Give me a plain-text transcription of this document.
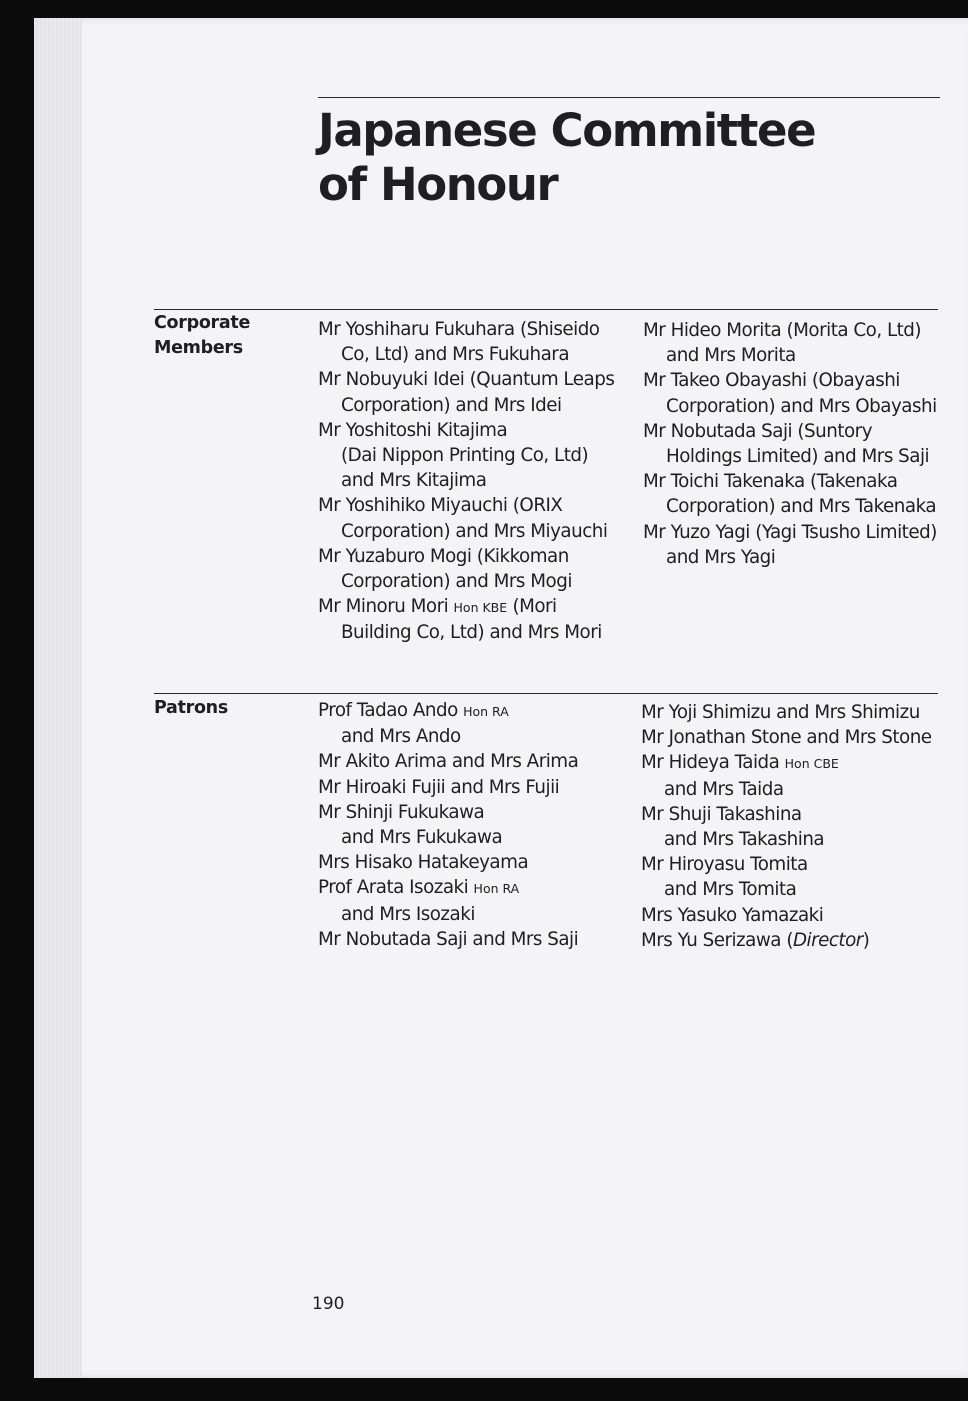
Japanese Committee
of Honour
Corporate
Members
Mr Yoshiharu Fukuhara (Shiseido
Co, Ltd) and Mrs Fukuhara
Mr Nobuyuki Idei (Quantum Leaps
Corporation) and Mrs Idei
Mr Yoshitoshi Kitajima
(Dai Nippon Printing Co, Ltd)
and Mrs Kitajima
Mr Yoshihiko Miyauchi (ORIX
Corporation) and Mrs Miyauchi
Mr Yuzaburo Mogi (Kikkoman
Corporation) and Mrs Mogi
Mr Minoru Mori Hon KBE (Mori
Building Co, Ltd) and Mrs Mori
Mr Hideo Morita (Morita Co, Ltd)
and Mrs Morita
Mr Takeo Obayashi (Obayashi
Corporation) and Mrs Obayashi
Mr Nobutada Saji (Suntory
Holdings Limited) and Mrs Saji
Mr Toichi Takenaka (Takenaka
Corporation) and Mrs Takenaka
Mr Yuzo Yagi (Yagi Tsusho Limited)
and Mrs Yagi
Patrons	Prof Tadao Ando Hon RA
and Mrs Ando
Mr Akito Arima and Mrs Arima
Mr Hiroaki Fujii and Mrs Fujii
Mr Shinji Fukukawa
and Mrs Fukukawa
Mrs Hisako Hatakeyama
Prof Arata Isozaki Hon RA
and Mrs Isozaki
Mr Nobutada Saji and Mrs Saji
Mr Yoji Shimizu and Mrs Shimizu
Mr Jonathan Stone and Mrs Stone
Mr Hideya Taida Hon CBE
and Mrs Taida
Mr Shuji Takashina
and Mrs Takashina
Mr Hiroyasu Tomita
and Mrs Tomita
Mrs Yasuko Yamazaki
Mrs Yu Serizawa (Director)
190
